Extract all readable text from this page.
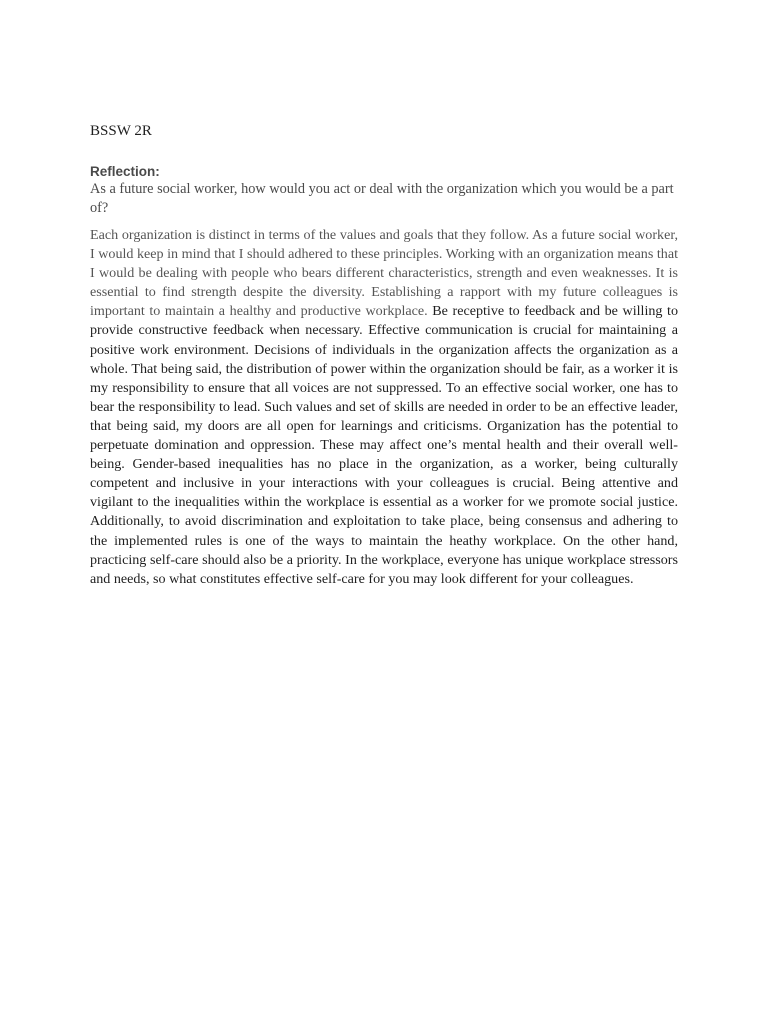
BSSW 2R

Reflection:

As a future social worker, how would you act or deal with the organization which you would be a part of?

Each organization is distinct in terms of the values and goals that they follow. As a future social worker, I would keep in mind that I should adhered to these principles. Working with an organization means that I would be dealing with people who bears different characteristics, strength and even weaknesses. It is essential to find strength despite the diversity. Establishing a rapport with my future colleagues is important to maintain a healthy and productive workplace. Be receptive to feedback and be willing to provide constructive feedback when necessary. Effective communication is crucial for maintaining a positive work environment. Decisions of individuals in the organization affects the organization as a whole. That being said, the distribution of power within the organization should be fair, as a worker it is my responsibility to ensure that all voices are not suppressed. To an effective social worker, one has to bear the responsibility to lead. Such values and set of skills are needed in order to be an effective leader, that being said, my doors are all open for learnings and criticisms. Organization has the potential to perpetuate domination and oppression. These may affect one’s mental health and their overall well-being. Gender-based inequalities has no place in the organization, as a worker, being culturally competent and inclusive in your interactions with your colleagues is crucial. Being attentive and vigilant to the inequalities within the workplace is essential as a worker for we promote social justice. Additionally, to avoid discrimination and exploitation to take place, being consensus and adhering to the implemented rules is one of the ways to maintain the heathy workplace. On the other hand, practicing self-care should also be a priority. In the workplace, everyone has unique workplace stressors and needs, so what constitutes effective self-care for you may look different for your colleagues.
